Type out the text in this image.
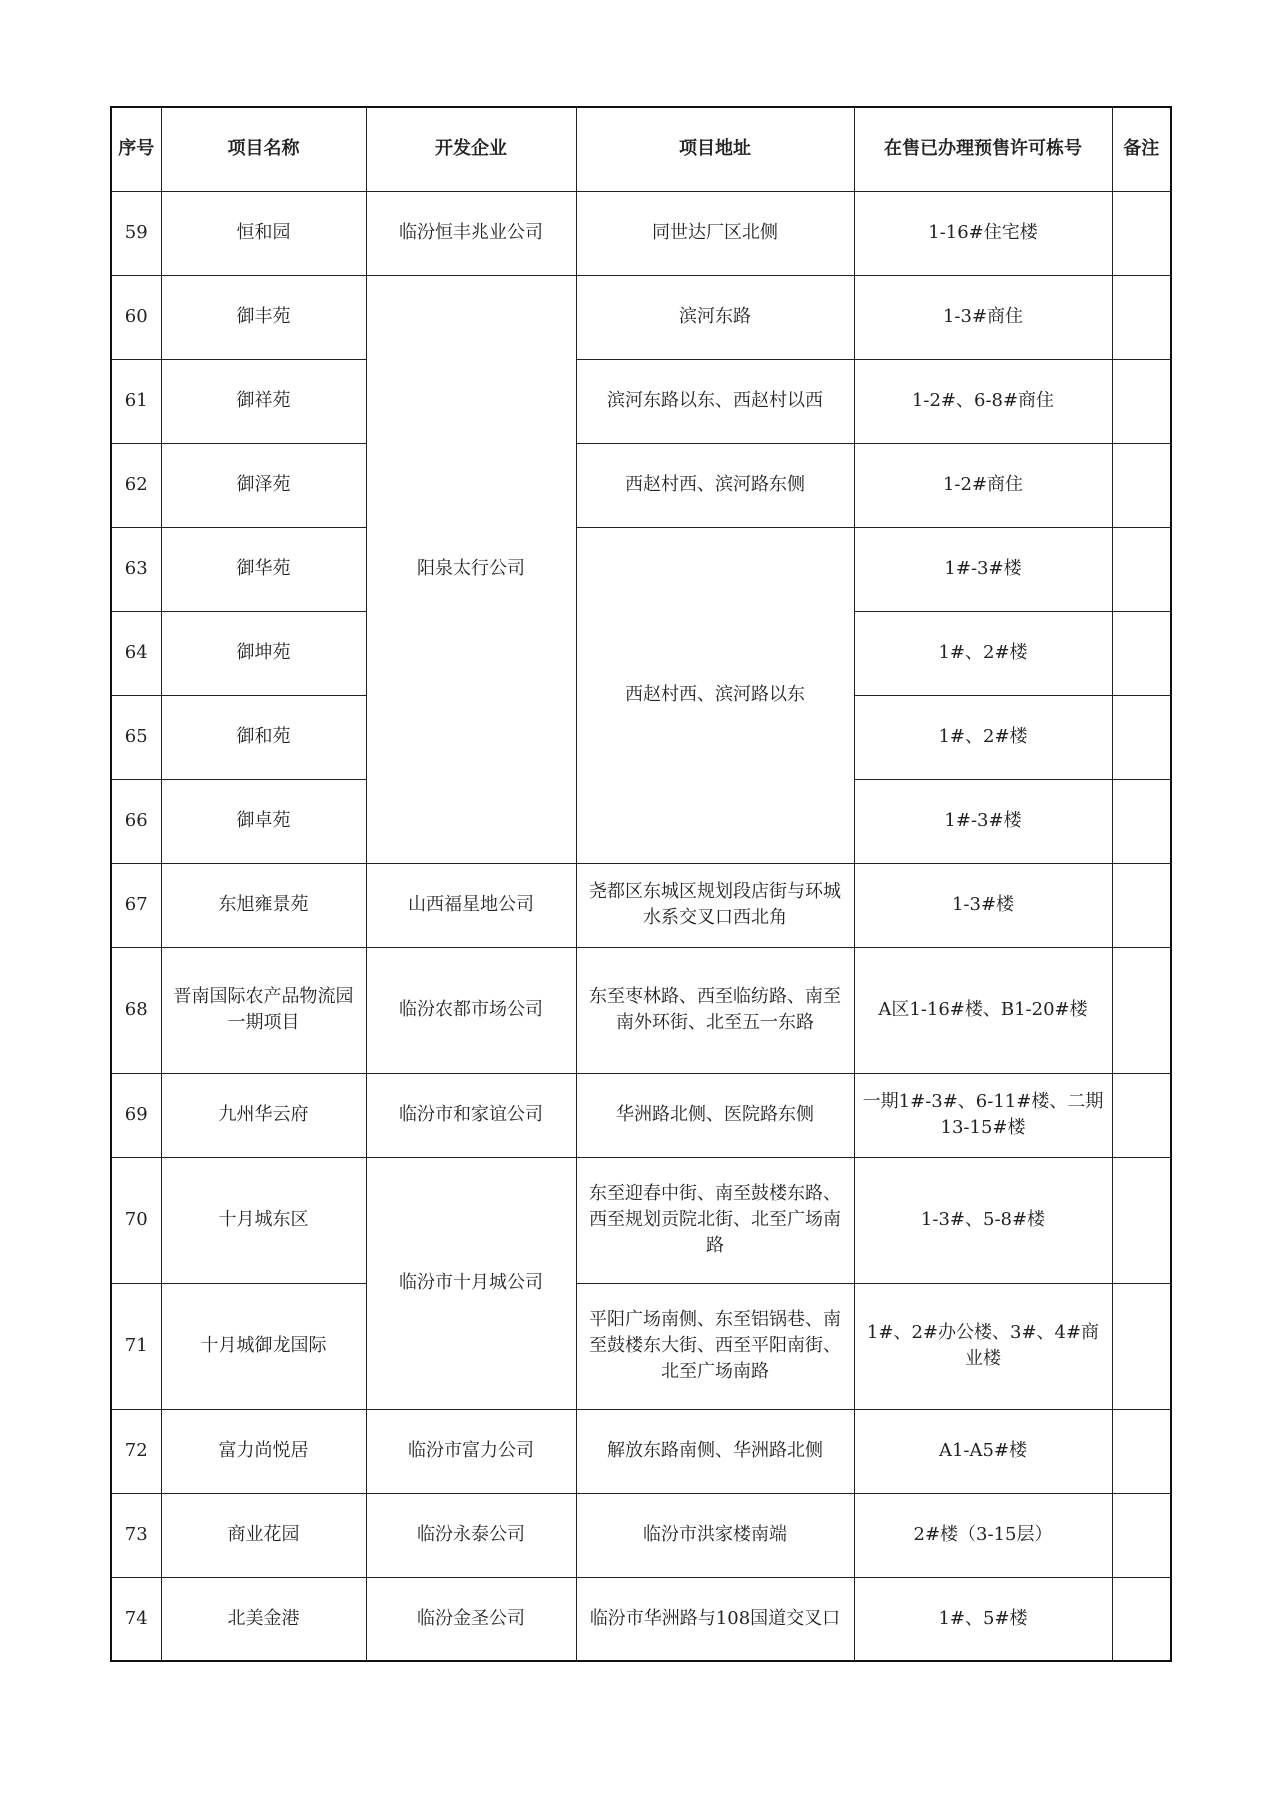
序号	项目名称	开发企业	项目地址	在售已办理预售许可栋号	备注
59	恒和园	临汾恒丰兆业公司	同世达厂区北侧	1-16#住宅楼	
60	御丰苑	阳泉太行公司	滨河东路	1-3#商住	
61	御祥苑		滨河东路以东、西赵村以西	1-2#、6-8#商住	
62	御泽苑		西赵村西、滨河路东侧	1-2#商住	
63	御华苑		西赵村西、滨河路以东	1#-3#楼	
64	御坤苑			1#、2#楼	
65	御和苑			1#、2#楼	
66	御卓苑			1#-3#楼	
67	东旭雍景苑	山西福星地公司	尧都区东城区规划段店街与环城水系交叉口西北角	1-3#楼	
68	晋南国际农产品物流园一期项目	临汾农都市场公司	东至枣林路、西至临纺路、南至南外环街、北至五一东路	A区1-16#楼、B1-20#楼	
69	九州华云府	临汾市和家谊公司	华洲路北侧、医院路东侧	一期1#-3#、6-11#楼、二期13-15#楼	
70	十月城东区	临汾市十月城公司	东至迎春中街、南至鼓楼东路、西至规划贡院北街、北至广场南路	1-3#、5-8#楼	
71	十月城御龙国际		平阳广场南侧、东至铝锅巷、南至鼓楼东大街、西至平阳南街、北至广场南路	1#、2#办公楼、3#、4#商业楼	
72	富力尚悦居	临汾市富力公司	解放东路南侧、华洲路北侧	A1-A5#楼	
73	商业花园	临汾永泰公司	临汾市洪家楼南端	2#楼（3-15层）	
74	北美金港	临汾金圣公司	临汾市华洲路与108国道交叉口	1#、5#楼	
